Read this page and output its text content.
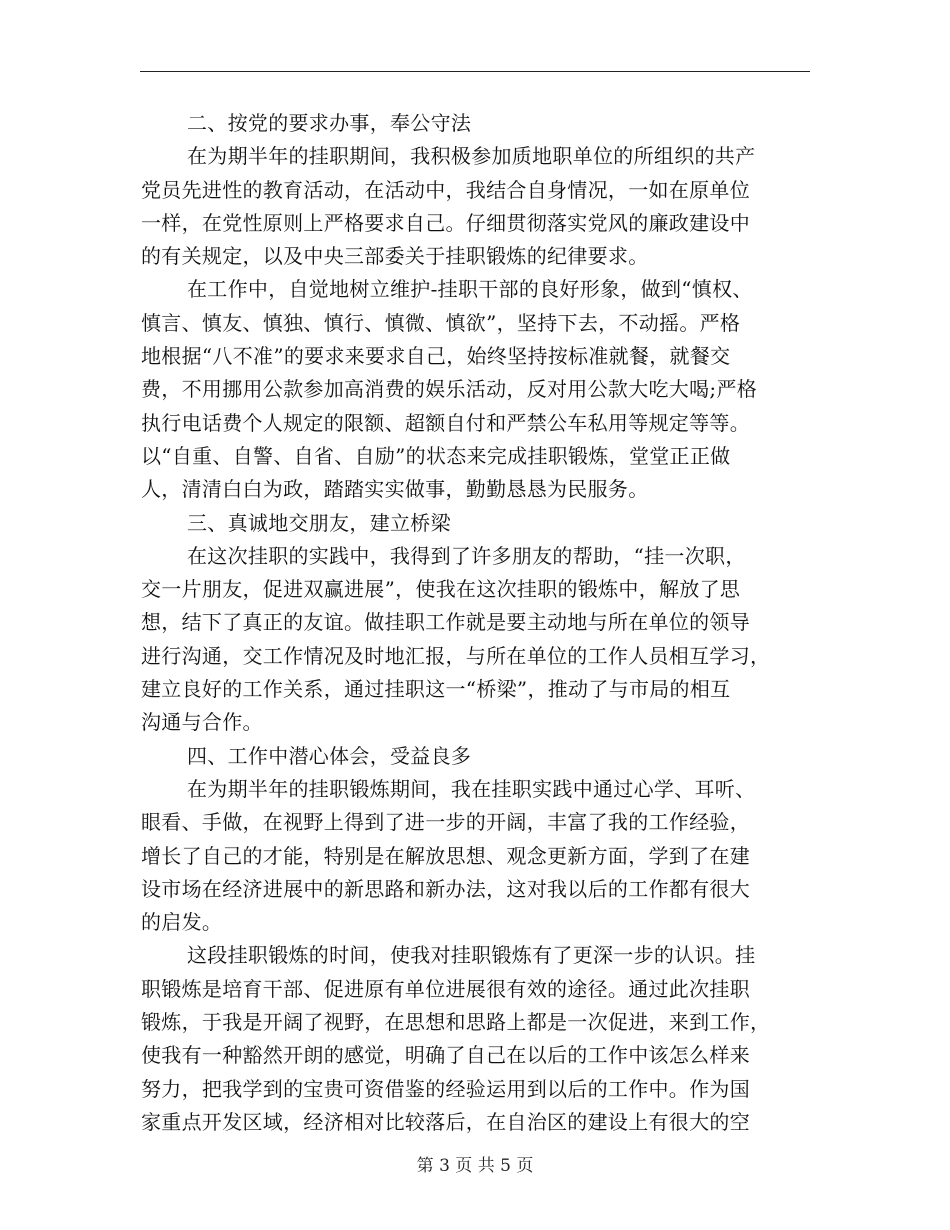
二、按党的要求办事，奉公守法
在为期半年的挂职期间，我积极参加质地职单位的所组织的共产
党员先进性的教育活动，在活动中，我结合自身情况，一如在原单位
一样，在党性原则上严格要求自己。仔细贯彻落实党风的廉政建设中
的有关规定，以及中央三部委关于挂职锻炼的纪律要求。
在工作中，自觉地树立维护-挂职干部的良好形象，做到“慎权、
慎言、慎友、慎独、慎行、慎微、慎欲”，坚持下去，不动摇。严格
地根据“八不准”的要求来要求自己，始终坚持按标准就餐，就餐交
费，不用挪用公款参加高消费的娱乐活动，反对用公款大吃大喝;严格
执行电话费个人规定的限额、超额自付和严禁公车私用等规定等等。
以“自重、自警、自省、自励”的状态来完成挂职锻炼，堂堂正正做
人，清清白白为政，踏踏实实做事，勤勤恳恳为民服务。
三、真诚地交朋友，建立桥梁
在这次挂职的实践中，我得到了许多朋友的帮助，“挂一次职，
交一片朋友，促进双赢进展”，使我在这次挂职的锻炼中，解放了思
想，结下了真正的友谊。做挂职工作就是要主动地与所在单位的领导
进行沟通，交工作情况及时地汇报，与所在单位的工作人员相互学习，
建立良好的工作关系，通过挂职这一“桥梁”，推动了与市局的相互
沟通与合作。
四、工作中潜心体会，受益良多
在为期半年的挂职锻炼期间，我在挂职实践中通过心学、耳听、
眼看、手做，在视野上得到了进一步的开阔，丰富了我的工作经验，
增长了自己的才能，特别是在解放思想、观念更新方面，学到了在建
设市场在经济进展中的新思路和新办法，这对我以后的工作都有很大
的启发。
这段挂职锻炼的时间，使我对挂职锻炼有了更深一步的认识。挂
职锻炼是培育干部、促进原有单位进展很有效的途径。通过此次挂职
锻炼，于我是开阔了视野，在思想和思路上都是一次促进，来到工作，
使我有一种豁然开朗的感觉，明确了自己在以后的工作中该怎么样来
努力，把我学到的宝贵可资借鉴的经验运用到以后的工作中。作为国
家重点开发区域，经济相对比较落后，在自治区的建设上有很大的空
第 3 页 共 5 页
